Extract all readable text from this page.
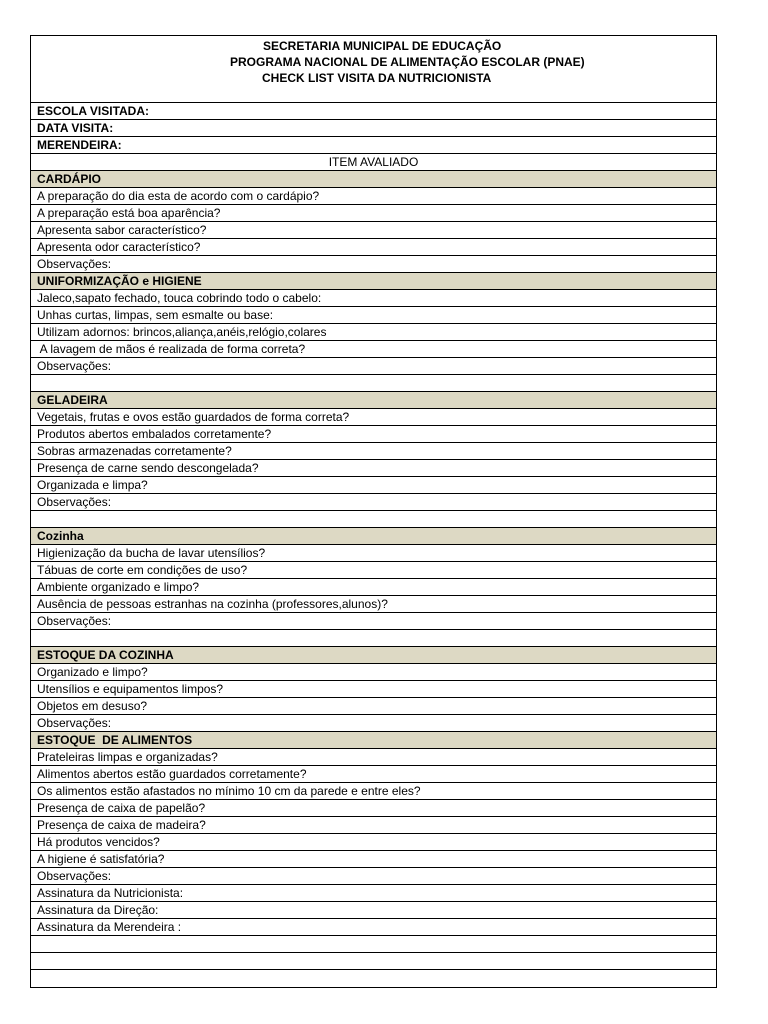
SECRETARIA MUNICIPAL DE EDUCAÇÃO
PROGRAMA NACIONAL DE ALIMENTAÇÃO ESCOLAR (PNAE)
CHECK LIST VISITA DA NUTRICIONISTA
ESCOLA VISITADA:
DATA VISITA:
MERENDEIRA:
ITEM AVALIADO
CARDÁPIO
A preparação do dia esta de acordo com o cardápio?
A preparação está boa aparência?
Apresenta sabor característico?
Apresenta odor característico?
Observações:
UNIFORMIZAÇÃO e HIGIENE
Jaleco,sapato fechado, touca cobrindo todo o cabelo:
Unhas curtas, limpas, sem esmalte ou base:
Utilizam adornos: brincos,aliança,anéis,relógio,colares
A lavagem de mãos é realizada de forma correta?
Observações:
GELADEIRA
Vegetais, frutas e ovos estão guardados de forma correta?
Produtos abertos embalados corretamente?
Sobras armazenadas corretamente?
Presença de carne sendo descongelada?
Organizada e limpa?
Observações:
Cozinha
Higienização da bucha de lavar utensílios?
Tábuas de corte em condições de uso?
Ambiente organizado e limpo?
Ausência de pessoas estranhas na cozinha (professores,alunos)?
Observações:
ESTOQUE DA COZINHA
Organizado e limpo?
Utensílios e equipamentos limpos?
Objetos em desuso?
Observações:
ESTOQUE  DE ALIMENTOS
Prateleiras limpas e organizadas?
Alimentos abertos estão guardados corretamente?
Os alimentos estão afastados no mínimo 10 cm da parede e entre eles?
Presença de caixa de papelão?
Presença de caixa de madeira?
Há produtos vencidos?
A higiene é satisfatória?
Observações:
Assinatura da Nutricionista:
Assinatura da Direção:
Assinatura da Merendeira :
